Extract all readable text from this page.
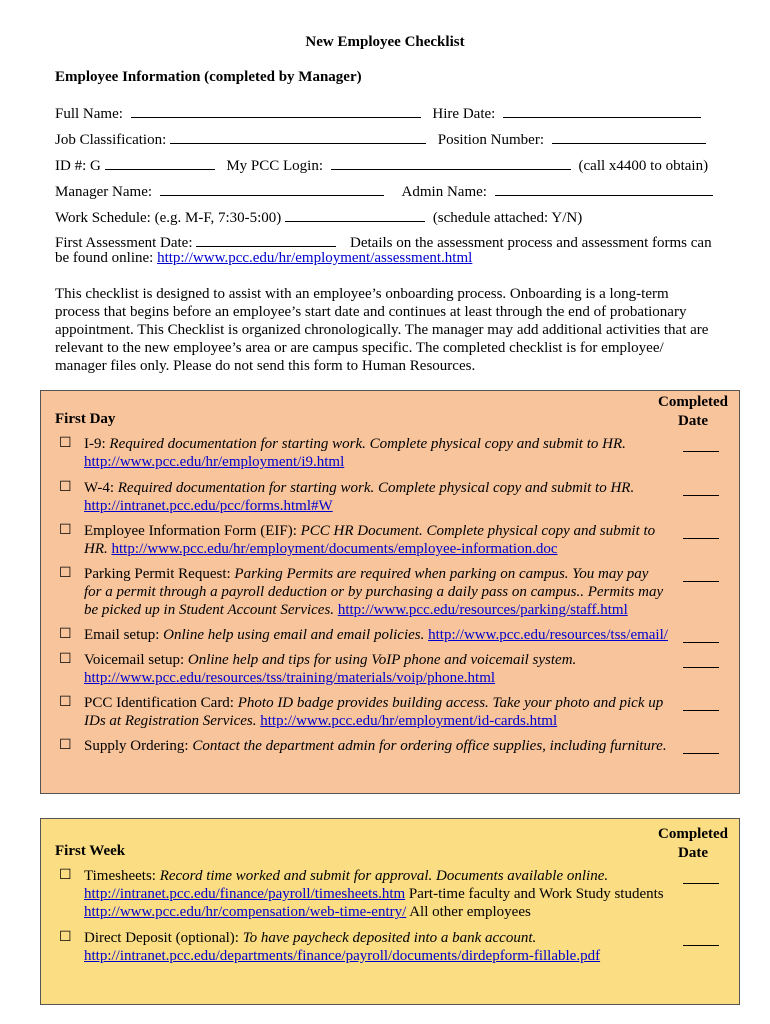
New Employee Checklist
Employee Information (completed by Manager)
Full Name:	Hire Date:
Job Classification:	Position Number:
ID #: G	My PCC Login:	(call x4400 to obtain)
Manager Name:	Admin Name:
Work Schedule: (e.g. M-F, 7:30-5:00)	(schedule attached: Y/N)
First Assessment Date:	Details on the assessment process and assessment forms can
be found online: http://www.pcc.edu/hr/employment/assessment.html
This checklist is designed to assist with an employee’s onboarding process. Onboarding is a long-term process that begins before an employee’s start date and continues at least through the end of probationary appointment. This Checklist is organized chronologically. The manager may add additional activities that are relevant to the new employee’s area or are campus specific. The completed checklist is for employee/ manager files only. Please do not send this form to Human Resources.
First Day
Completed
Date
☐ I-9: Required documentation for starting work. Complete physical copy and submit to HR.
http://www.pcc.edu/hr/employment/i9.html
☐ W-4: Required documentation for starting work. Complete physical copy and submit to HR.
http://intranet.pcc.edu/pcc/forms.html#W
☐ Employee Information Form (EIF): PCC HR Document. Complete physical copy and submit to HR. http://www.pcc.edu/hr/employment/documents/employee-information.doc
☐ Parking Permit Request: Parking Permits are required when parking on campus. You may pay for a permit through a payroll deduction or by purchasing a daily pass on campus.. Permits may be picked up in Student Account Services. http://www.pcc.edu/resources/parking/staff.html
☐ Email setup: Online help using email and email policies. http://www.pcc.edu/resources/tss/email/
☐ Voicemail setup: Online help and tips for using VoIP phone and voicemail system.
http://www.pcc.edu/resources/tss/training/materials/voip/phone.html
☐ PCC Identification Card: Photo ID badge provides building access. Take your photo and pick up IDs at Registration Services. http://www.pcc.edu/hr/employment/id-cards.html
☐ Supply Ordering: Contact the department admin for ordering office supplies, including furniture.
First Week
Completed
Date
☐ Timesheets: Record time worked and submit for approval. Documents available online.
http://intranet.pcc.edu/finance/payroll/timesheets.htm Part-time faculty and Work Study students
http://www.pcc.edu/hr/compensation/web-time-entry/ All other employees
☐ Direct Deposit (optional): To have paycheck deposited into a bank account.
http://intranet.pcc.edu/departments/finance/payroll/documents/dirdepform-fillable.pdf
